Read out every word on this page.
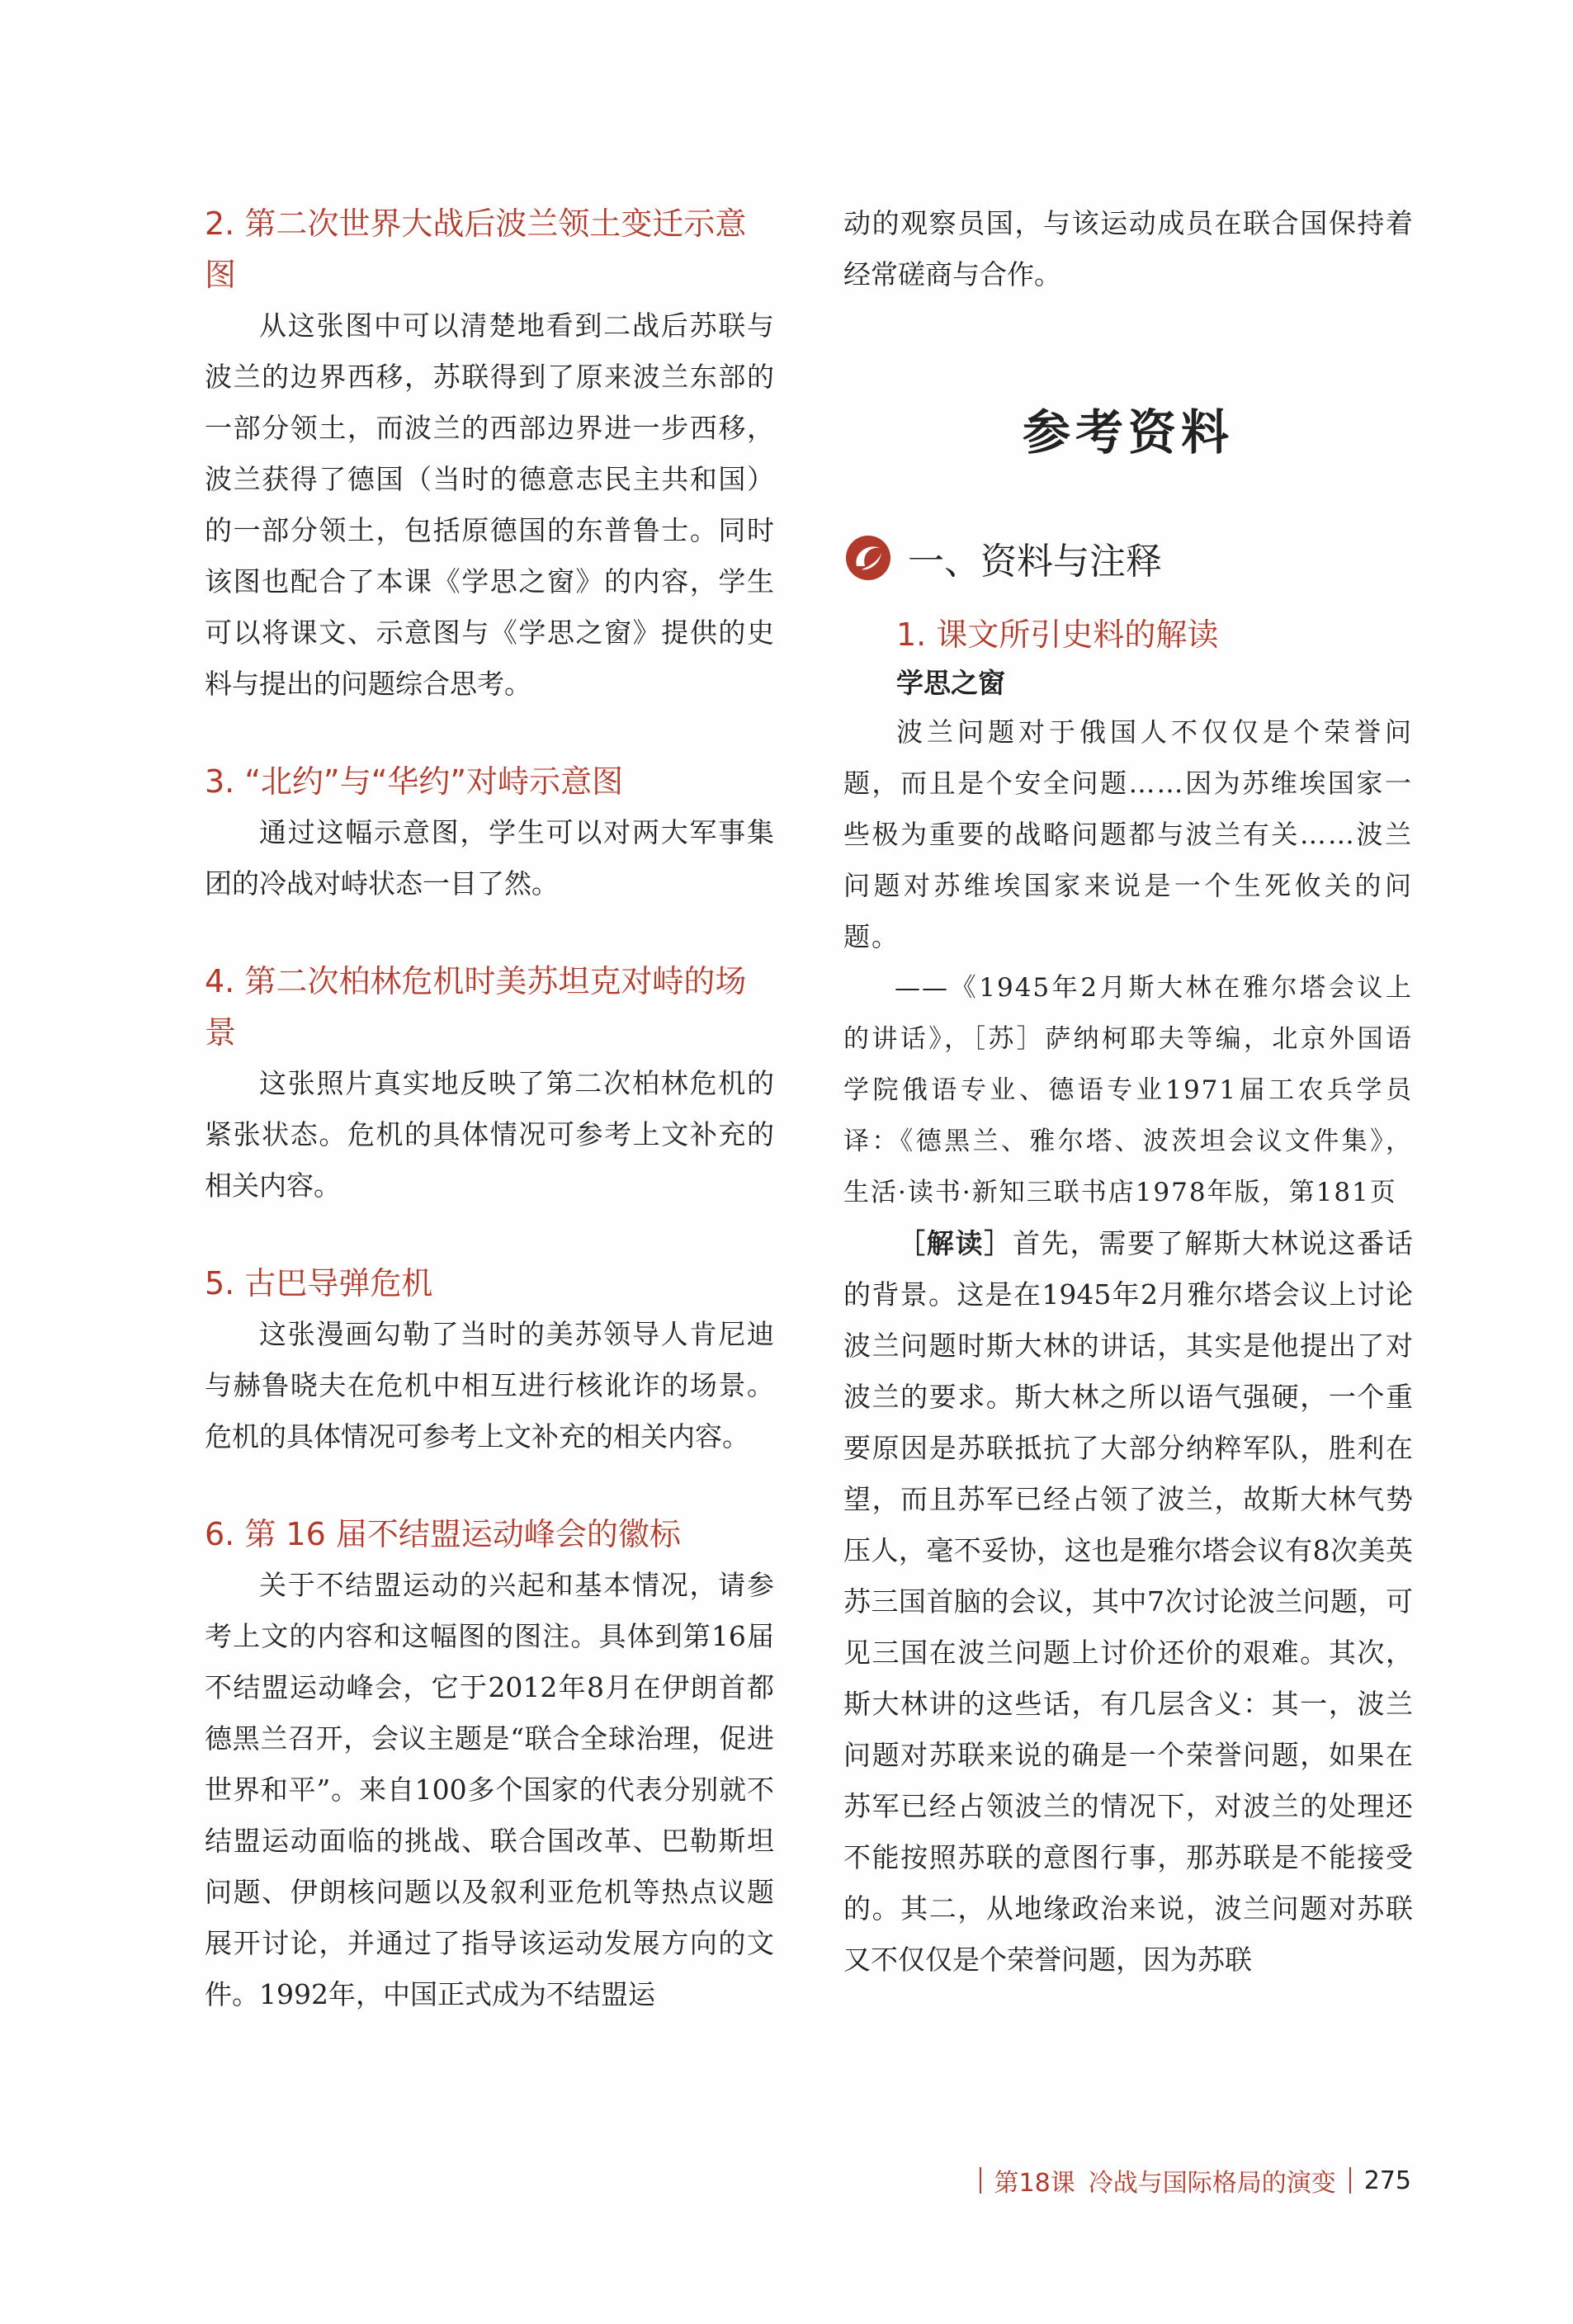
2. 第二次世界大战后波兰领土变迁示意图

从这张图中可以清楚地看到二战后苏联与波兰的边界西移，苏联得到了原来波兰东部的一部分领土，而波兰的西部边界进一步西移，波兰获得了德国（当时的德意志民主共和国）的一部分领土，包括原德国的东普鲁士。同时该图也配合了本课《学思之窗》的内容，学生可以将课文、示意图与《学思之窗》提供的史料与提出的问题综合思考。

3. “北约”与“华约”对峙示意图

通过这幅示意图，学生可以对两大军事集团的冷战对峙状态一目了然。

4. 第二次柏林危机时美苏坦克对峙的场景

这张照片真实地反映了第二次柏林危机的紧张状态。危机的具体情况可参考上文补充的相关内容。

5. 古巴导弹危机

这张漫画勾勒了当时的美苏领导人肯尼迪与赫鲁晓夫在危机中相互进行核讹诈的场景。危机的具体情况可参考上文补充的相关内容。

6. 第 16 届不结盟运动峰会的徽标

关于不结盟运动的兴起和基本情况，请参考上文的内容和这幅图的图注。具体到第16届不结盟运动峰会，它于2012年8月在伊朗首都德黑兰召开，会议主题是“联合全球治理，促进世界和平”。来自100多个国家的代表分别就不结盟运动面临的挑战、联合国改革、巴勒斯坦问题、伊朗核问题以及叙利亚危机等热点议题展开讨论，并通过了指导该运动发展方向的文件。1992年，中国正式成为不结盟运

动的观察员国，与该运动成员在联合国保持着经常磋商与合作。

参考资料
一、资料与注释
1. 课文所引史料的解读

学思之窗

波兰问题对于俄国人不仅仅是个荣誉问题，而且是个安全问题……因为苏维埃国家一些极为重要的战略问题都与波兰有关……波兰问题对苏维埃国家来说是一个生死攸关的问题。

——《1945年2月斯大林在雅尔塔会议上的讲话》，［苏］萨纳柯耶夫等编，北京外国语学院俄语专业、德语专业1971届工农兵学员译：《德黑兰、雅尔塔、波茨坦会议文件集》，生活·读书·新知三联书店1978年版，第181页

［解读］首先，需要了解斯大林说这番话的背景。这是在1945年2月雅尔塔会议上讨论波兰问题时斯大林的讲话，其实是他提出了对波兰的要求。斯大林之所以语气强硬，一个重要原因是苏联抵抗了大部分纳粹军队，胜利在望，而且苏军已经占领了波兰，故斯大林气势压人，毫不妥协，这也是雅尔塔会议有8次美英苏三国首脑的会议，其中7次讨论波兰问题，可见三国在波兰问题上讨价还价的艰难。其次，斯大林讲的这些话，有几层含义：其一，波兰问题对苏联来说的确是一个荣誉问题，如果在苏军已经占领波兰的情况下，对波兰的处理还不能按照苏联的意图行事，那苏联是不能接受的。其二，从地缘政治来说，波兰问题对苏联又不仅仅是个荣誉问题，因为苏联

第18课 冷战与国际格局的演变 275
